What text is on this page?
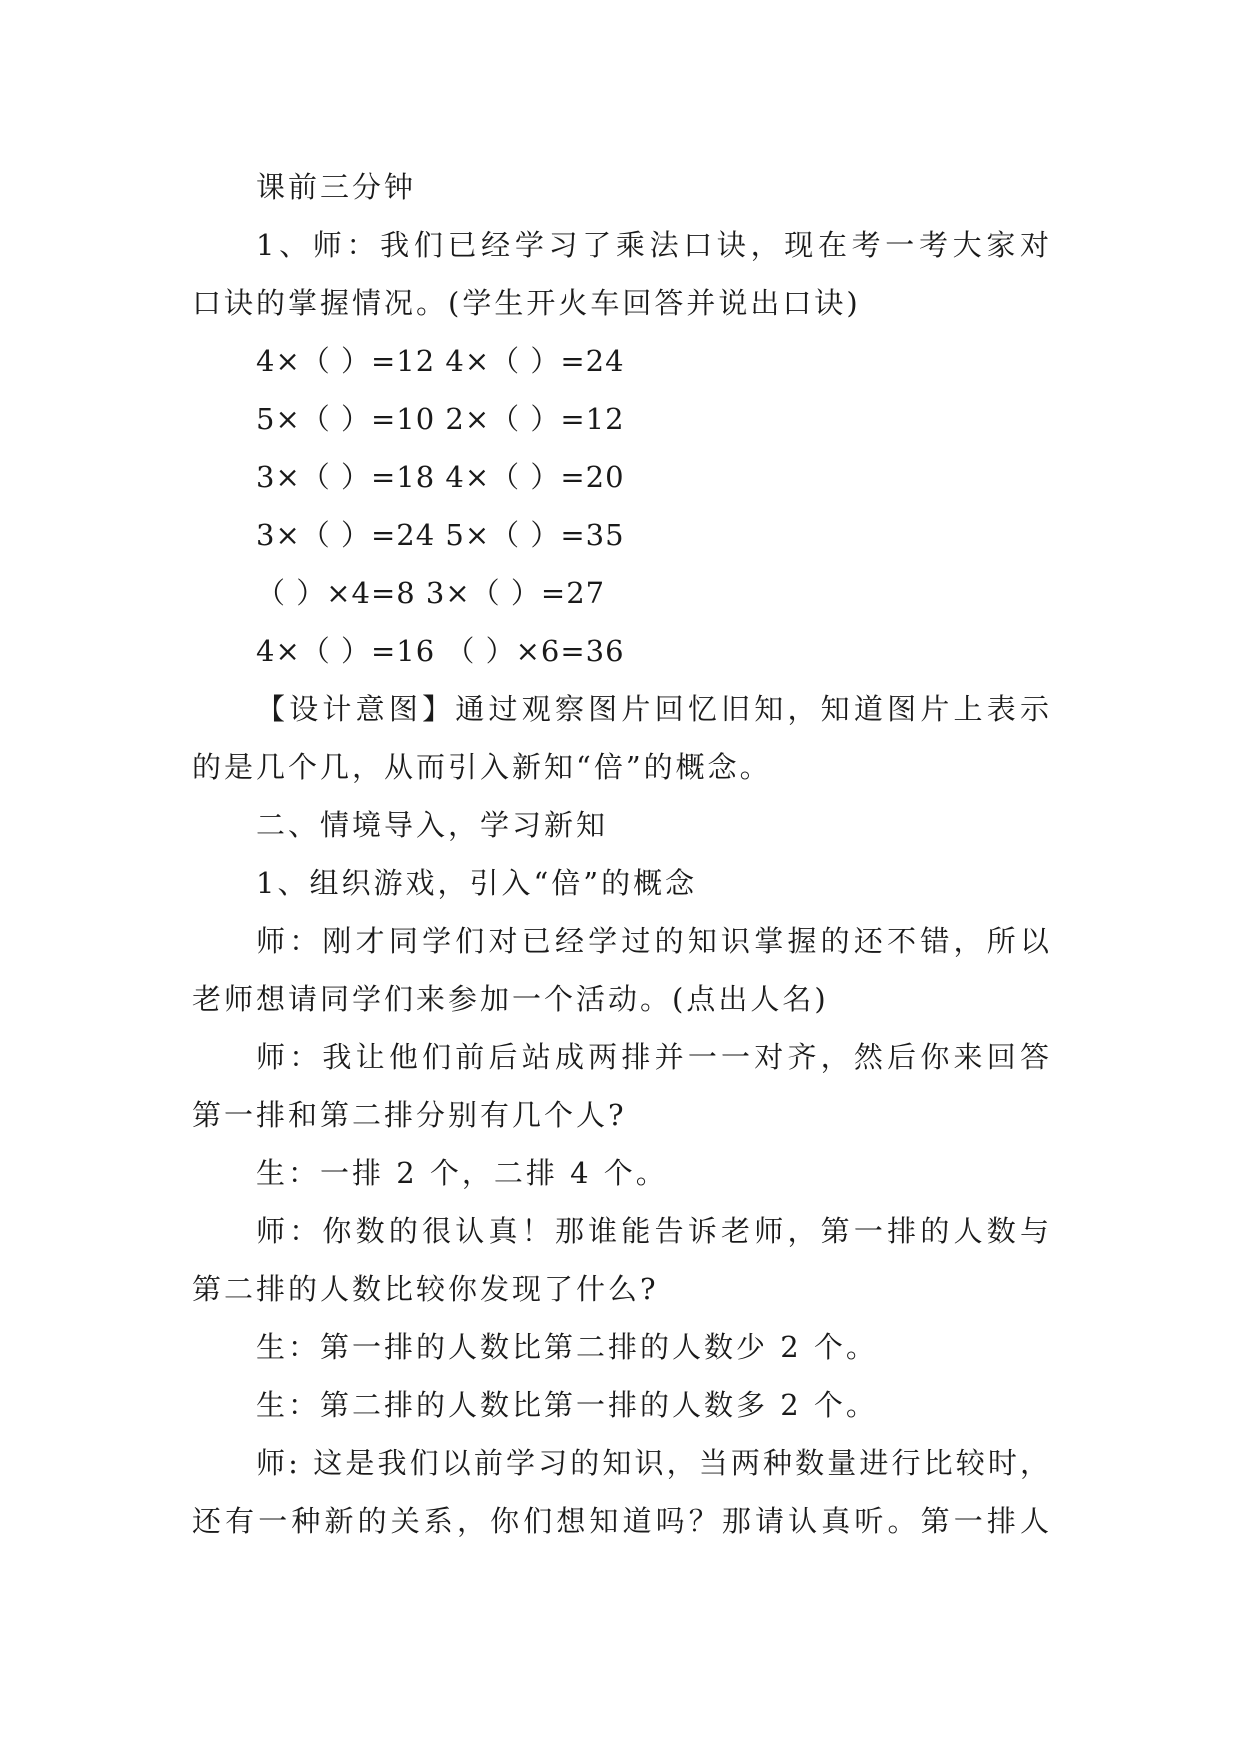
课前三分钟
1、师：我们已经学习了乘法口诀，现在考一考大家对
口诀的掌握情况。(学生开火车回答并说出口诀)
4×（ ）=12 4×（ ）=24
5×（ ）=10 2×（ ）=12
3×（ ）=18 4×（ ）=20
3×（ ）=24 5×（ ）=35
（ ）×4=8 3×（ ）=27
4×（ ）=16 （ ）×6=36
【设计意图】通过观察图片回忆旧知，知道图片上表示
的是几个几，从而引入新知“倍”的概念。
二、情境导入，学习新知
1、组织游戏，引入“倍”的概念
师：刚才同学们对已经学过的知识掌握的还不错，所以
老师想请同学们来参加一个活动。(点出人名)
师：我让他们前后站成两排并一一对齐，然后你来回答
第一排和第二排分别有几个人?
生：一排 2 个，二排 4 个。
师：你数的很认真！那谁能告诉老师，第一排的人数与
第二排的人数比较你发现了什么?
生：第一排的人数比第二排的人数少 2 个。
生：第二排的人数比第一排的人数多 2 个。
师: 这是我们以前学习的知识，当两种数量进行比较时，
还有一种新的关系，你们想知道吗？那请认真听。第一排人
